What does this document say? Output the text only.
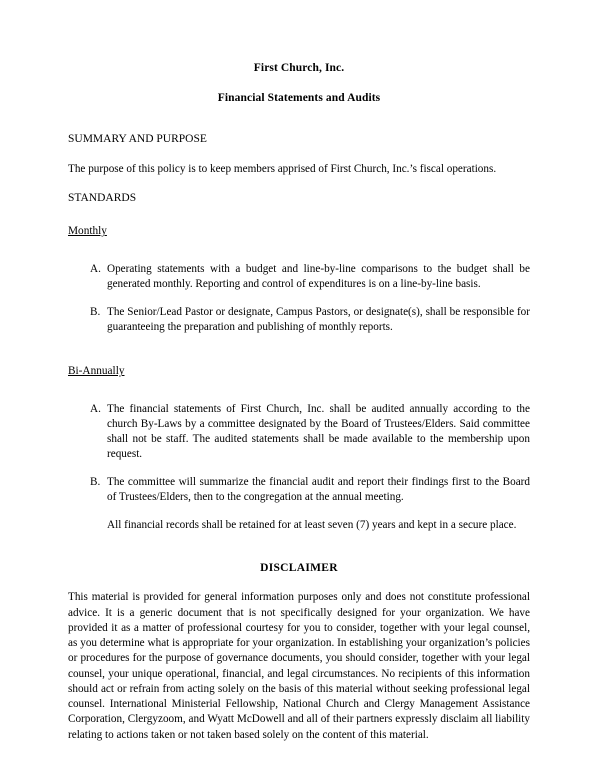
First Church, Inc.
Financial Statements and Audits
SUMMARY AND PURPOSE

The purpose of this policy is to keep members apprised of First Church, Inc.’s fiscal operations.

STANDARDS
Monthly
A. Operating statements with a budget and line-by-line comparisons to the budget shall be generated monthly. Reporting and control of expenditures is on a line-by-line basis.
B. The Senior/Lead Pastor or designate, Campus Pastors, or designate(s), shall be responsible for guaranteeing the preparation and publishing of monthly reports.
Bi-Annually
A. The financial statements of First Church, Inc. shall be audited annually according to the church By-Laws by a committee designated by the Board of Trustees/Elders. Said committee shall not be staff. The audited statements shall be made available to the membership upon request.
B. The committee will summarize the financial audit and report their findings first to the Board of Trustees/Elders, then to the congregation at the annual meeting.
All financial records shall be retained for at least seven (7) years and kept in a secure place.
DISCLAIMER

This material is provided for general information purposes only and does not constitute professional advice. It is a generic document that is not specifically designed for your organization. We have provided it as a matter of professional courtesy for you to consider, together with your legal counsel, as you determine what is appropriate for your organization. In establishing your organization’s policies or procedures for the purpose of governance documents, you should consider, together with your legal counsel, your unique operational, financial, and legal circumstances. No recipients of this information should act or refrain from acting solely on the basis of this material without seeking professional legal counsel. International Ministerial Fellowship, National Church and Clergy Management Assistance Corporation, Clergyzoom, and Wyatt McDowell and all of their partners expressly disclaim all liability relating to actions taken or not taken based solely on the content of this material.
